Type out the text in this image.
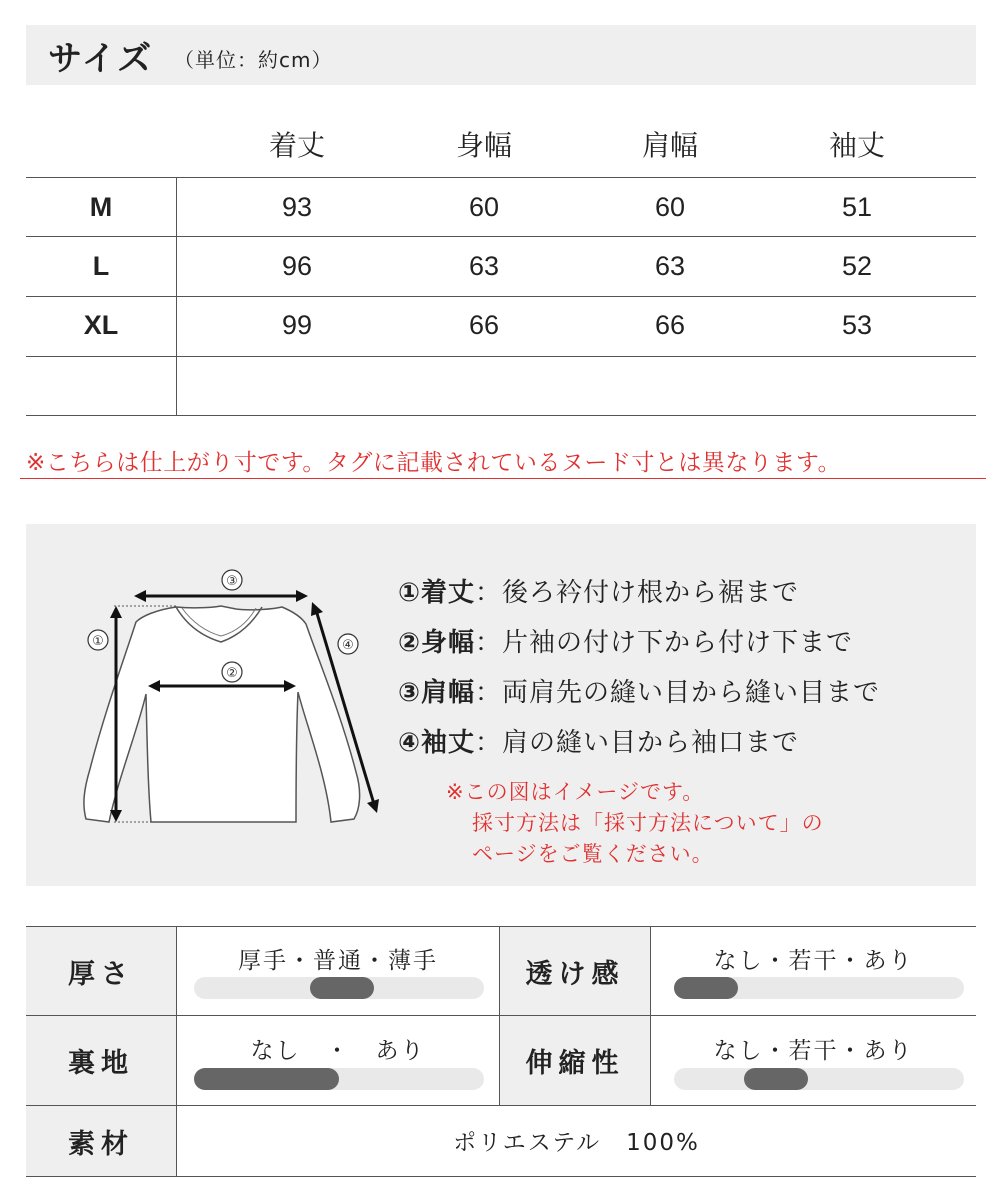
サイズ （単位：約cm）
着丈	身幅	肩幅	袖丈
M	93	60	60	51
L	96	63	63	52
XL	99	66	66	53
※こちらは仕上がり寸です。タグに記載されているヌード寸とは異なります。
③
②
①	④
①着丈：後ろ衿付け根から裾まで
②身幅：片袖の付け下から付け下まで
③肩幅：両肩先の縫い目から縫い目まで
④袖丈：肩の縫い目から袖口まで
※この図はイメージです。
採寸方法は「採寸方法について」の
ページをご覧ください。
厚さ	厚手・普通・薄手	透け感	なし・若干・あり
裏地	なし　・　あり	伸縮性	なし・若干・あり
素材	ポリエステル　100%
